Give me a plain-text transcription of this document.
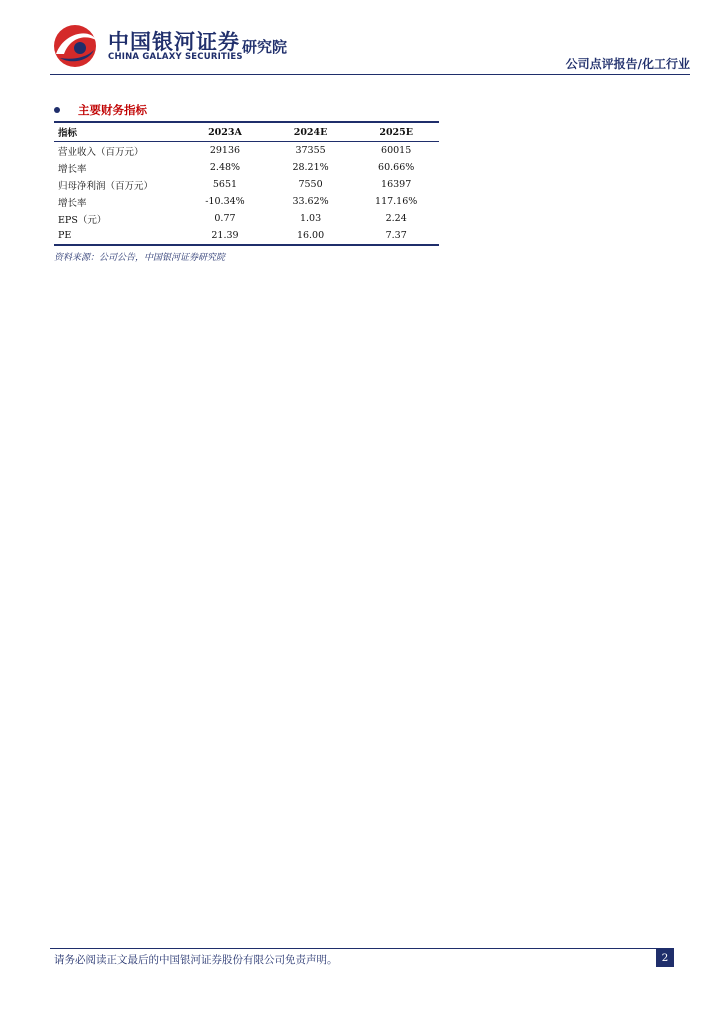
中国银河证券
CHINA GALAXY SECURITIES
研究院
公司点评报告/化工行业
主要财务指标
指标	2023A	2024E	2025E
营业收入（百万元）	29136	37355	60015
增长率	2.48%	28.21%	60.66%
归母净利润（百万元）	5651	7550	16397
增长率	-10.34%	33.62%	117.16%
EPS（元）	0.77	1.03	2.24
PE	21.39	16.00	7.37
资料来源：公司公告，中国银河证券研究院
请务必阅读正文最后的中国银河证券股份有限公司免责声明。	2
